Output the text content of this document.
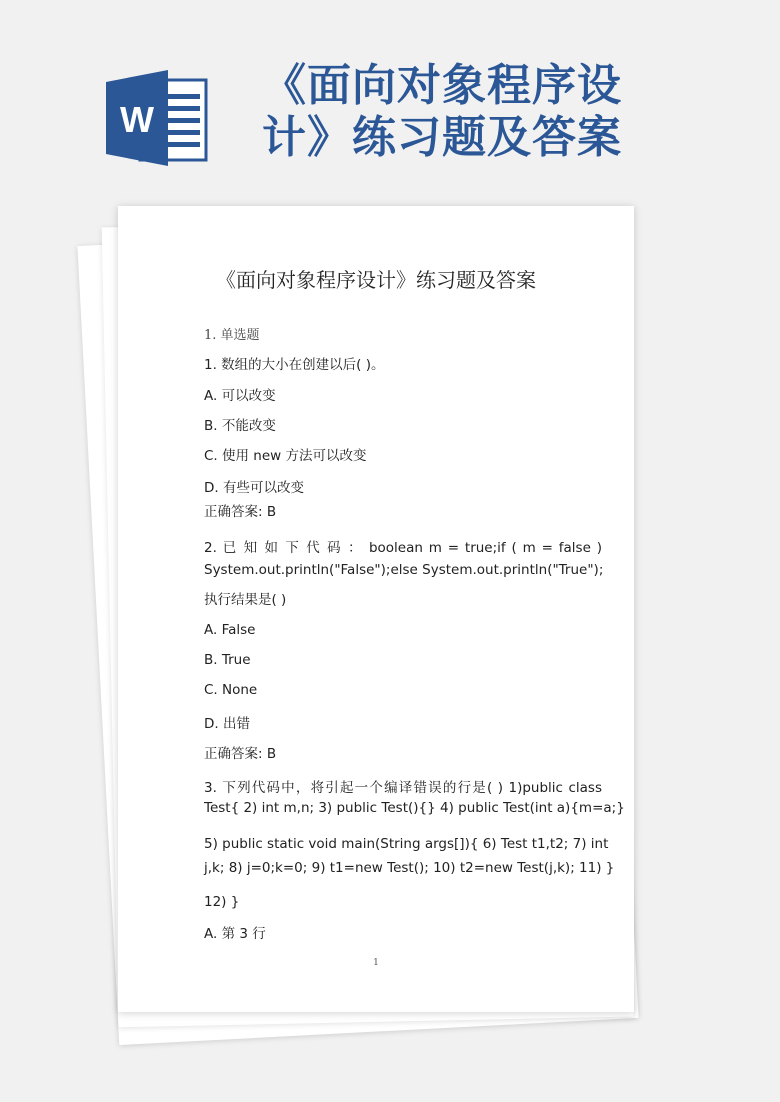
W
《面向对象程序设
计》练习题及答案
《面向对象程序设计》练习题及答案
1. 单选题
1. 数组的大小在创建以后( )。
A. 可以改变
B. 不能改变
C. 使用 new 方法可以改变
D. 有些可以改变
正确答案: B
2. 已 知 如 下 代 码 ： boolean m = true;if ( m = false )
System.out.println("False");else System.out.println("True");
执行结果是( )
A. False
B. True
C. None
D. 出错
正确答案: B
3. 下列代码中，将引起一个编译错误的行是( ) 1)public class
Test{ 2) int m,n; 3) public Test(){} 4) public Test(int a){m=a;}
5) public static void main(String args[]){ 6) Test t1,t2; 7) int
j,k; 8) j=0;k=0; 9) t1=new Test(); 10) t2=new Test(j,k); 11) }
12) }
A. 第 3 行
1
